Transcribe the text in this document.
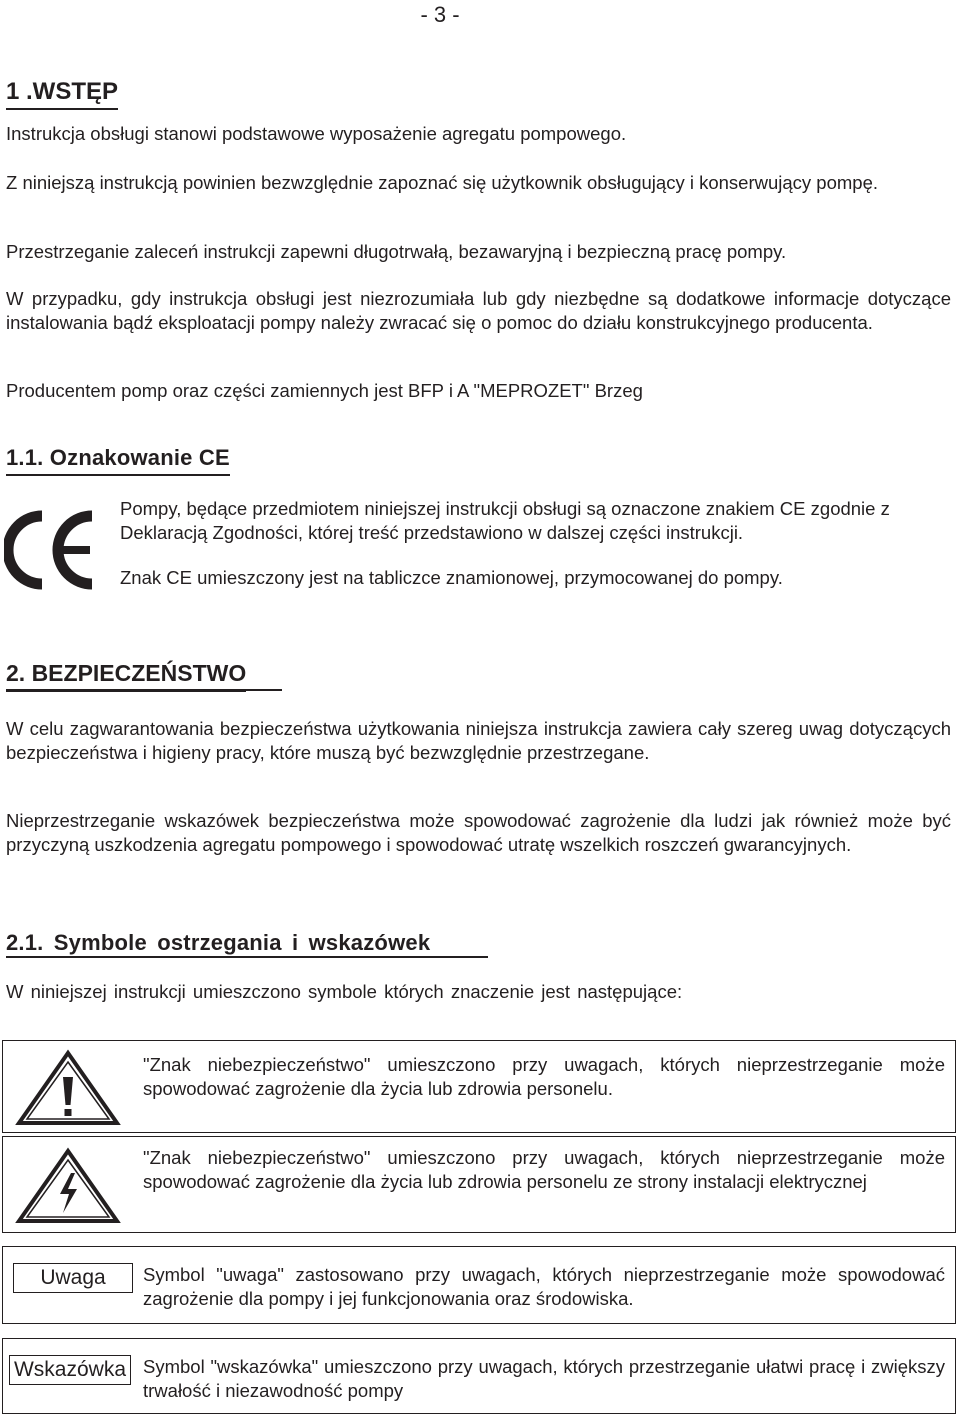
- 3 -
1 .WSTĘP

Instrukcja obsługi stanowi podstawowe wyposażenie agregatu pompowego.

Z niniejszą instrukcją powinien bezwzględnie zapoznać się użytkownik obsługujący i konserwujący pompę.

Przestrzeganie zaleceń instrukcji zapewni długotrwałą, bezawaryjną i bezpieczną pracę pompy.

W przypadku, gdy instrukcja obsługi jest niezrozumiała lub gdy niezbędne są dodatkowe informacje dotyczące instalowania bądź eksploatacji pompy należy zwracać się o pomoc do działu konstrukcyjnego producenta.

Producentem pomp oraz części zamiennych jest BFP i A "MEPROZET" Brzeg

1.1. Oznakowanie CE

Pompy, będące przedmiotem niniejszej instrukcji obsługi są oznaczone znakiem CE zgodnie z Deklaracją Zgodności, której treść przedstawiono w dalszej części instrukcji.

Znak CE umieszczony jest na tabliczce znamionowej, przymocowanej do pompy.

2. BEZPIECZEŃSTWO

W celu zagwarantowania bezpieczeństwa użytkowania niniejsza instrukcja zawiera cały szereg uwag dotyczących bezpieczeństwa i higieny pracy, które muszą być bezwzględnie przestrzegane.

Nieprzestrzeganie wskazówek bezpieczeństwa może spowodować zagrożenie dla ludzi jak również może być przyczyną uszkodzenia agregatu pompowego i spowodować utratę wszelkich roszczeń gwarancyjnych.

2.1. Symbole ostrzegania i wskazówek

W niniejszej instrukcji umieszczono symbole których znaczenie jest następujące:

"Znak niebezpieczeństwo" umieszczono przy uwagach, których nieprzestrzeganie może spowodować zagrożenie dla życia lub zdrowia personelu.
"Znak niebezpieczeństwo" umieszczono przy uwagach, których nieprzestrzeganie może spowodować zagrożenie dla życia lub zdrowia personelu ze strony instalacji elektrycznej
Uwaga	Symbol "uwaga" zastosowano przy uwagach, których nieprzestrzeganie może spowodować zagrożenie dla pompy i jej funkcjonowania oraz środowiska.
Wskazówka Symbol "wskazówka" umieszczono przy uwagach, których przestrzeganie ułatwi pracę i zwiększy trwałość i niezawodność pompy
